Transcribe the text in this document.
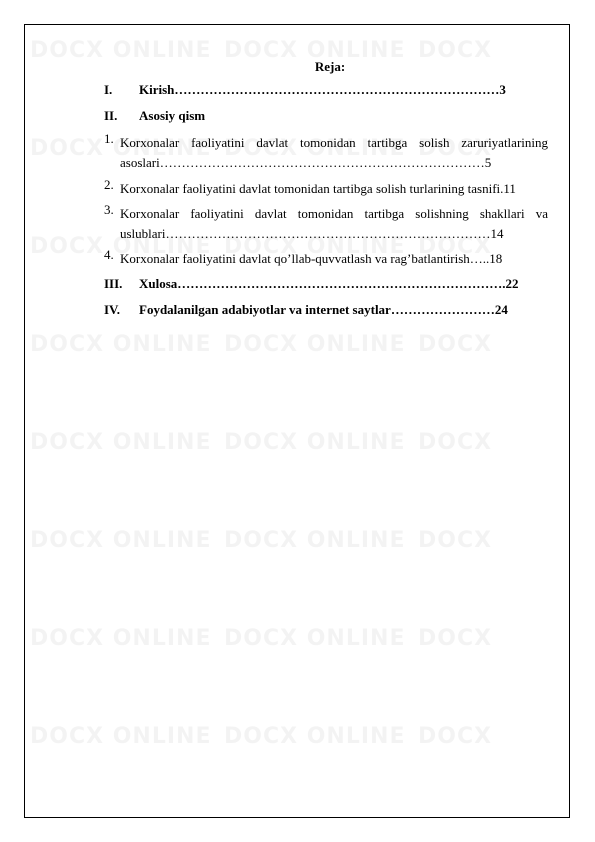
Reja:
I.	Kirish…………………………………………………………………3
II.	Asosiy qism
1. Korxonalar faoliyatini davlat tomonidan tartibga solish zaruriyatlarining
asoslari…………………………………………………………………5
2. Korxonalar faoliyatini davlat tomonidan tartibga solish turlarining tasnifi.11
3. Korxonalar faoliyatini davlat tomonidan tartibga solishning shakllari va
uslublari…………………………………………………………………14
4. Korxonalar faoliyatini davlat qo’llab-quvvatlash va rag’batlantirish…..18
III.	Xulosa………………………………………………………………….22
IV.	Foydalanilgan adabiyotlar va internet saytlar……………………24
